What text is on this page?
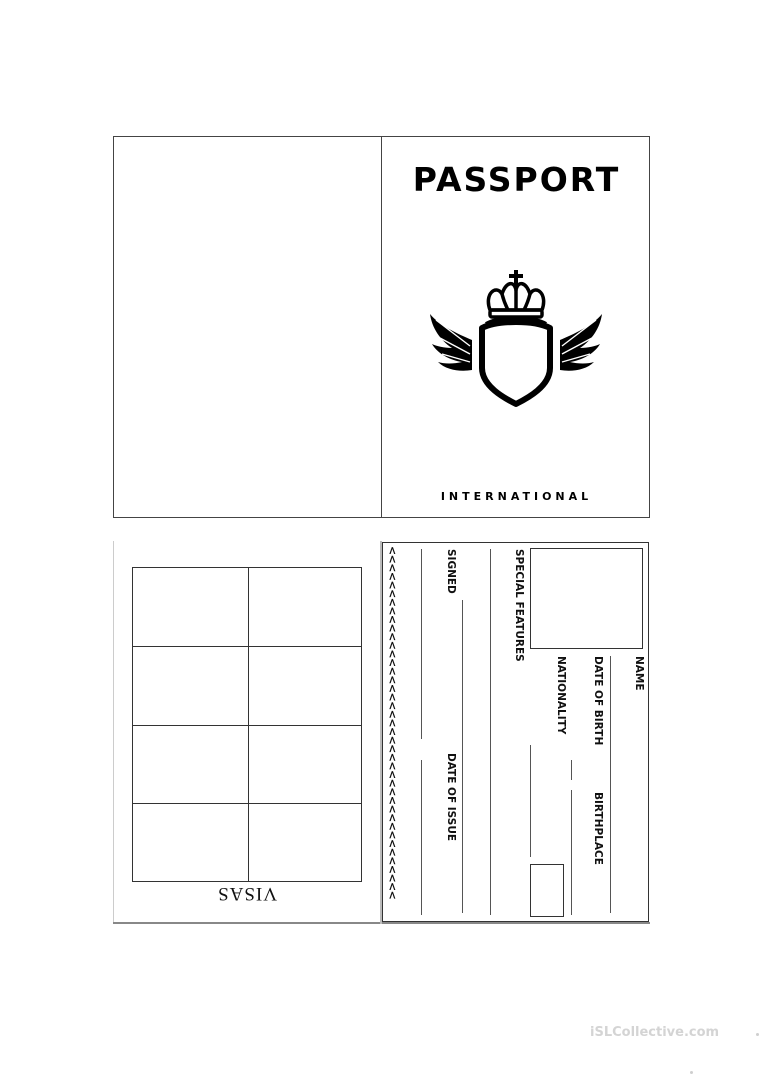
PASSPORT
INTERNATIONAL
VISAS	<<<<<<<<<<<<<<<<<<<<<<<<<<<<<<<<<<<<<<<<<	SIGNED
DATE OF ISSUE
SPECIAL FEATURES
NATIONALITY DATE OF BIRTH
BIRTHPLACE
NAME
iSLCollective.com
